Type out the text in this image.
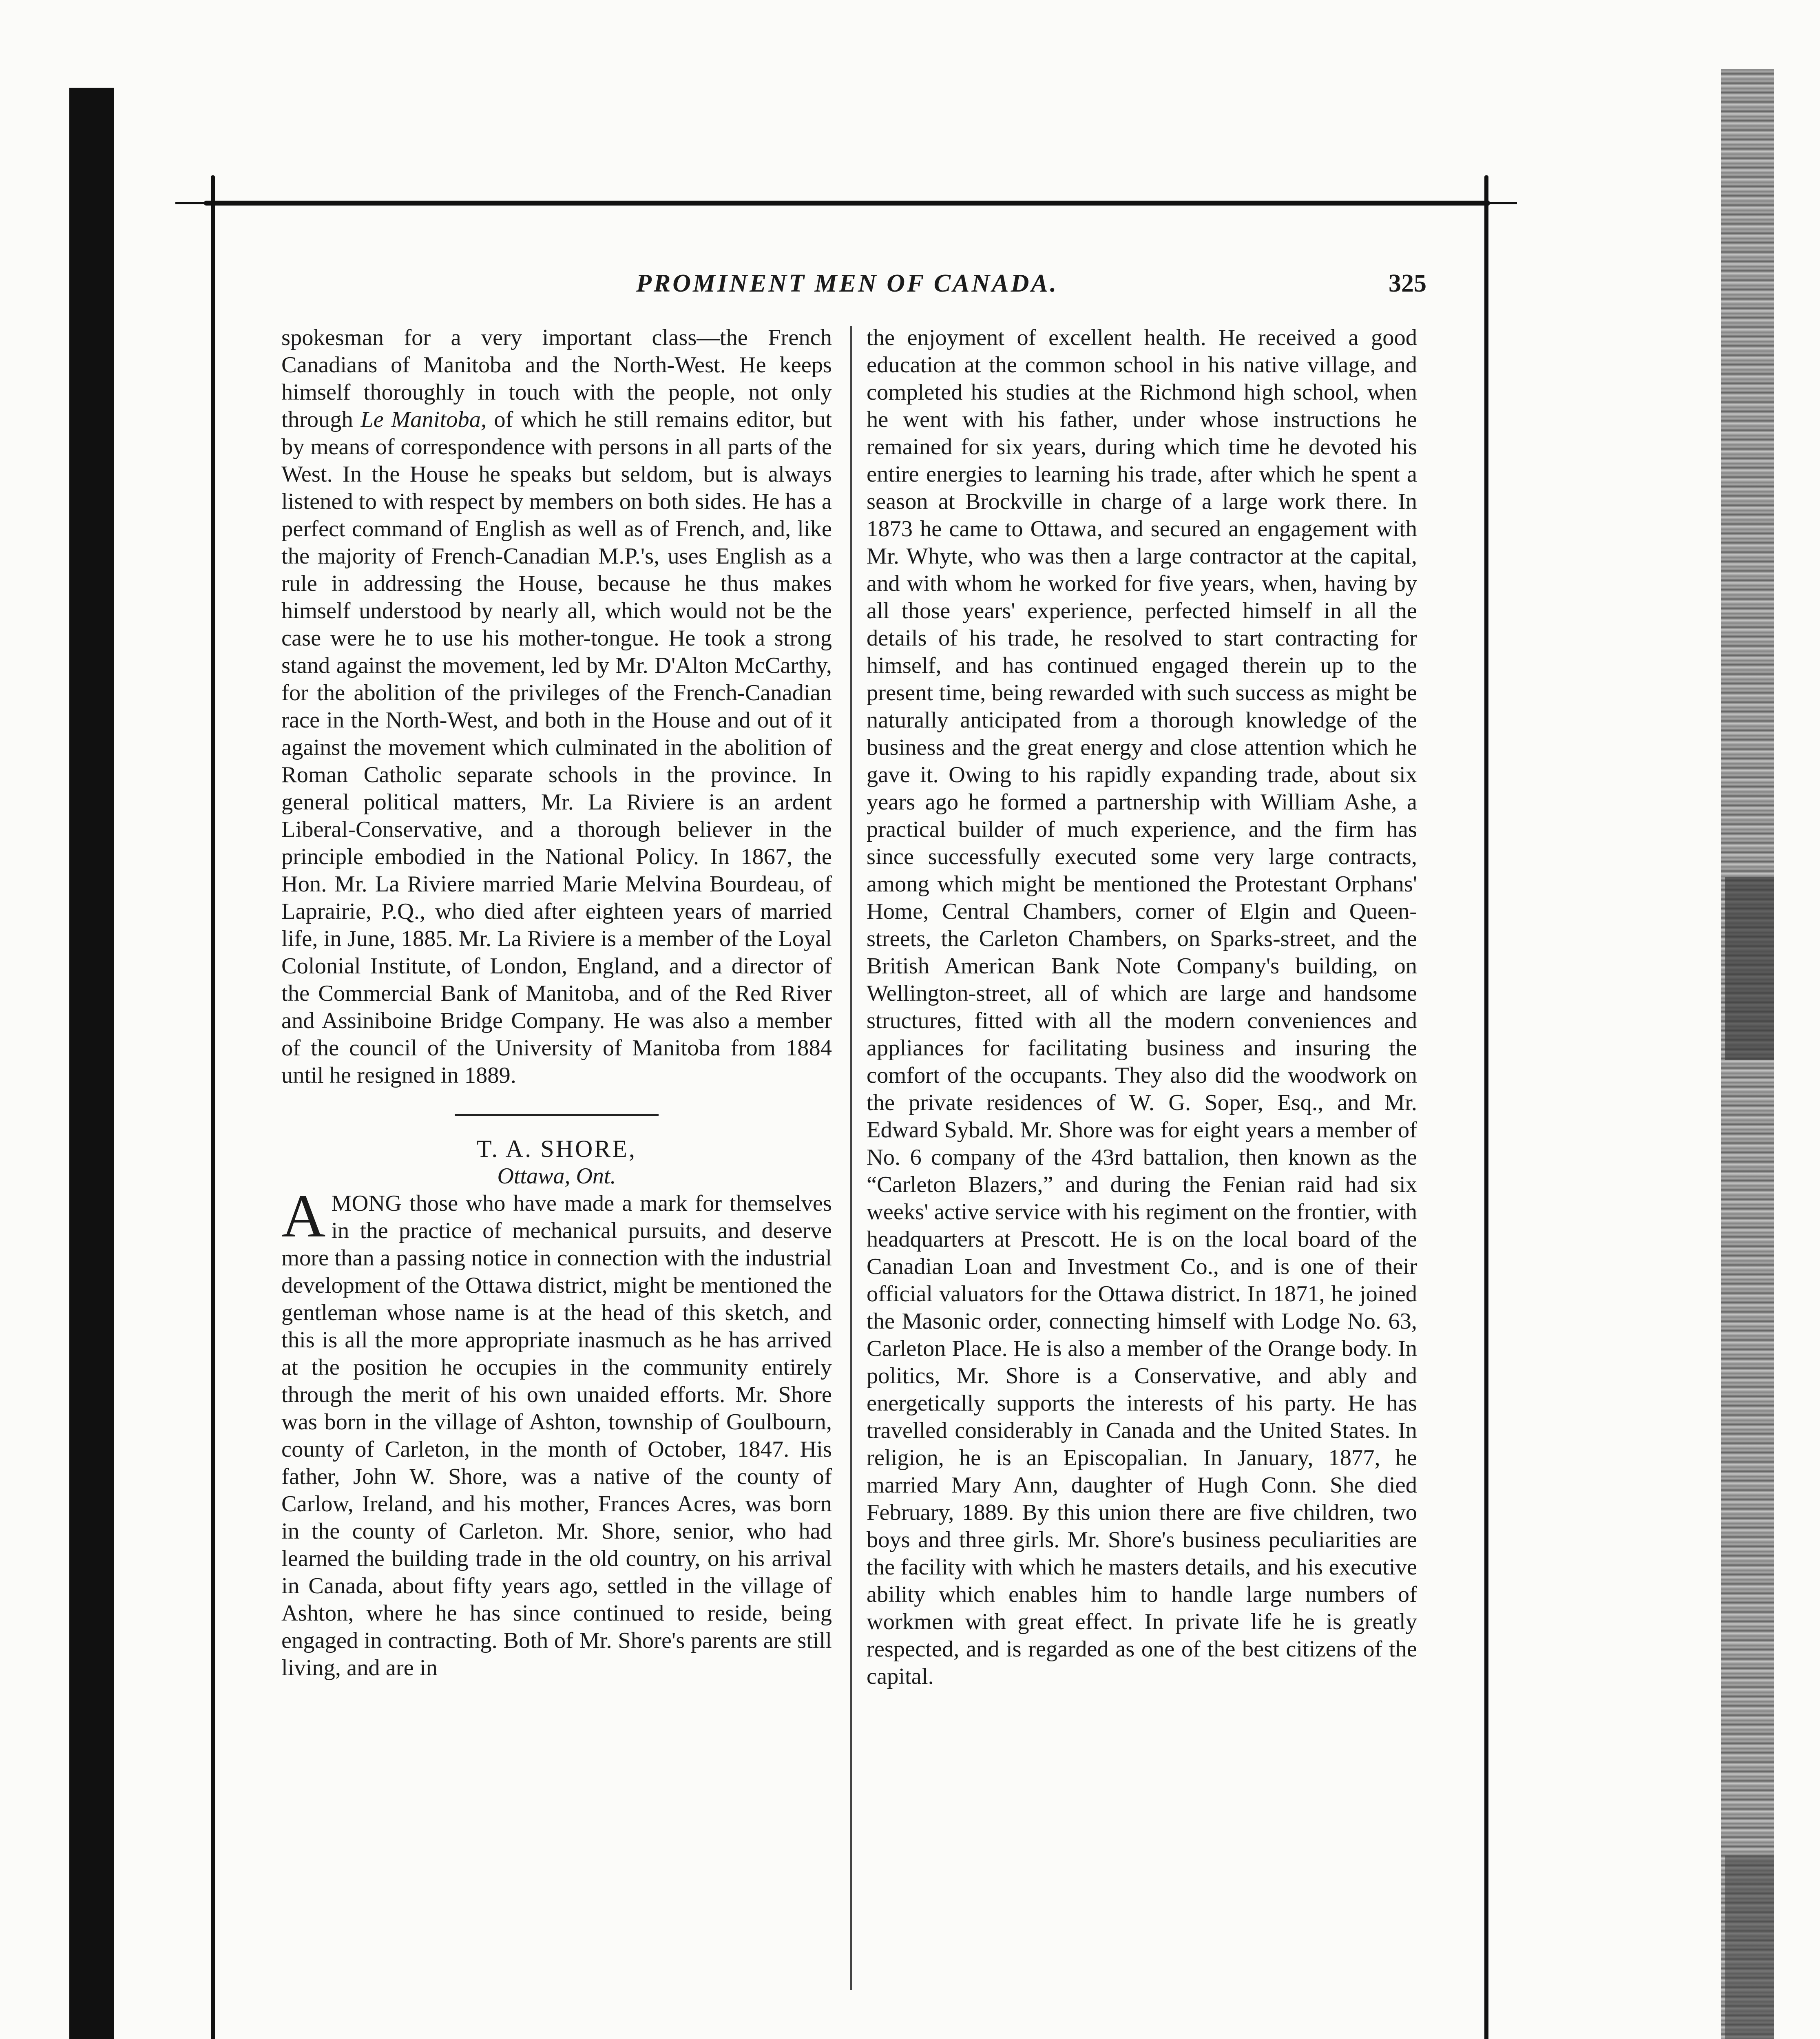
PROMINENT MEN OF CANADA.	325

spokesman for a very important class—the French Canadians of Manitoba and the North-West. He keeps himself thoroughly in touch with the people, not only through Le Manitoba, of which he still remains editor, but by means of correspondence with persons in all parts of the West. In the House he speaks but seldom, but is always listened to with respect by members on both sides. He has a perfect command of English as well as of French, and, like the majority of French-Canadian M.P.'s, uses English as a rule in addressing the House, because he thus makes himself understood by nearly all, which would not be the case were he to use his mother-tongue. He took a strong stand against the movement, led by Mr. D'Alton McCarthy, for the abolition of the privileges of the French-Canadian race in the North-West, and both in the House and out of it against the movement which culminated in the abolition of Roman Catholic separate schools in the province. In general political matters, Mr. La Riviere is an ardent Liberal-Conservative, and a thorough believer in the principle embodied in the National Policy. In 1867, the Hon. Mr. La Riviere married Marie Melvina Bourdeau, of Laprairie, P.Q., who died after eighteen years of married life, in June, 1885. Mr. La Riviere is a member of the Loyal Colonial Institute, of London, England, and a director of the Commercial Bank of Manitoba, and of the Red River and Assiniboine Bridge Company. He was also a member of the council of the University of Manitoba from 1884 until he resigned in 1889.

T. A. SHORE,

Ottawa, Ont.

AMONG those who have made a mark for themselves in the practice of mechanical pursuits, and deserve more than a passing notice in connection with the industrial development of the Ottawa district, might be mentioned the gentleman whose name is at the head of this sketch, and this is all the more appropriate inasmuch as he has arrived at the position he occupies in the community entirely through the merit of his own unaided efforts. Mr. Shore was born in the village of Ashton, township of Goulbourn, county of Carleton, in the month of October, 1847. His father, John W. Shore, was a native of the county of Carlow, Ireland, and his mother, Frances Acres, was born in the county of Carleton. Mr. Shore, senior, who had learned the building trade in the old country, on his arrival in Canada, about fifty years ago, settled in the village of Ashton, where he has since continued to reside, being engaged in contracting. Both of Mr. Shore's parents are still living, and are in

the enjoyment of excellent health. He received a good education at the common school in his native village, and completed his studies at the Richmond high school, when he went with his father, under whose instructions he remained for six years, during which time he devoted his entire energies to learning his trade, after which he spent a season at Brockville in charge of a large work there. In 1873 he came to Ottawa, and secured an engagement with Mr. Whyte, who was then a large contractor at the capital, and with whom he worked for five years, when, having by all those years' experience, perfected himself in all the details of his trade, he resolved to start contracting for himself, and has continued engaged therein up to the present time, being rewarded with such success as might be naturally anticipated from a thorough knowledge of the business and the great energy and close attention which he gave it. Owing to his rapidly expanding trade, about six years ago he formed a partnership with William Ashe, a practical builder of much experience, and the firm has since successfully executed some very large contracts, among which might be mentioned the Protestant Orphans' Home, Central Chambers, corner of Elgin and Queen-streets, the Carleton Chambers, on Sparks-street, and the British American Bank Note Company's building, on Wellington-street, all of which are large and handsome structures, fitted with all the modern conveniences and appliances for facilitating business and insuring the comfort of the occupants. They also did the woodwork on the private residences of W. G. Soper, Esq., and Mr. Edward Sybald. Mr. Shore was for eight years a member of No. 6 company of the 43rd battalion, then known as the “Carleton Blazers,” and during the Fenian raid had six weeks' active service with his regiment on the frontier, with headquarters at Prescott. He is on the local board of the Canadian Loan and Investment Co., and is one of their official valuators for the Ottawa district. In 1871, he joined the Masonic order, connecting himself with Lodge No. 63, Carleton Place. He is also a member of the Orange body. In politics, Mr. Shore is a Conservative, and ably and energetically supports the interests of his party. He has travelled considerably in Canada and the United States. In religion, he is an Episcopalian. In January, 1877, he married Mary Ann, daughter of Hugh Conn. She died February, 1889. By this union there are five children, two boys and three girls. Mr. Shore's business peculiarities are the facility with which he masters details, and his executive ability which enables him to handle large numbers of workmen with great effect. In private life he is greatly respected, and is regarded as one of the best citizens of the capital.
